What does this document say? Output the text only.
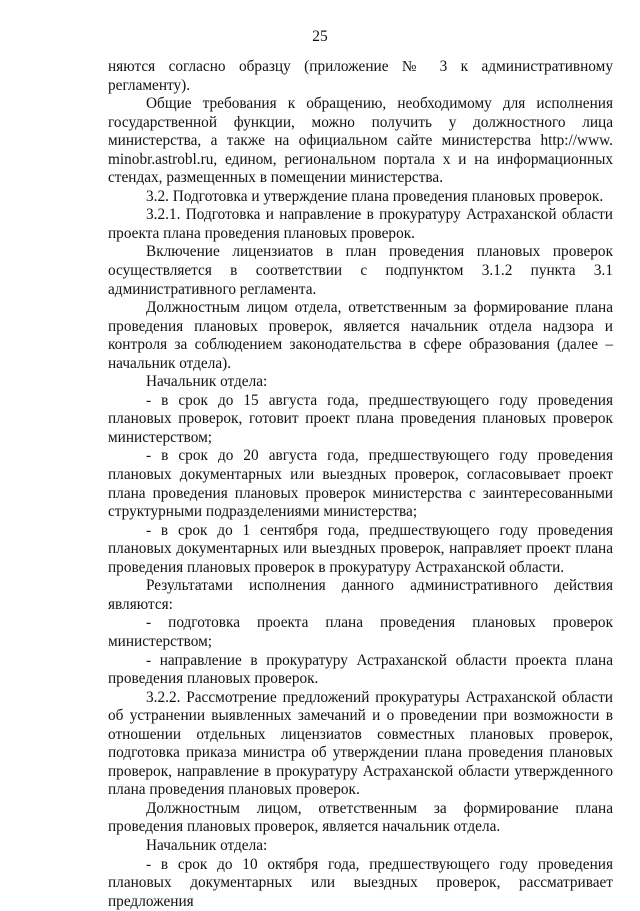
25

няются согласно образцу (приложение № 3 к административному регламенту).

Общие требования к обращению, необходимому для исполнения государственной функции, можно получить у должностного лица министерства, а также на официальном сайте министерства http://www. minobr.astrobl.ru, едином, региональном портала x и на информационных стендах, размещенных в помещении министерства.

3.2. Подготовка и утверждение плана проведения плановых проверок.

3.2.1. Подготовка и направление в прокуратуру Астраханской области проекта плана проведения плановых проверок.

Включение лицензиатов в план проведения плановых проверок осуществляется в соответствии с подпунктом 3.1.2 пункта 3.1 административного регламента.

Должностным лицом отдела, ответственным за формирование плана проведения плановых проверок, является начальник отдела надзора и контроля за соблюдением законодательства в сфере образования (далее – начальник отдела).

Начальник отдела:

- в срок до 15 августа года, предшествующего году проведения плановых проверок, готовит проект плана проведения плановых проверок министерством;

- в срок до 20 августа года, предшествующего году проведения плановых документарных или выездных проверок, согласовывает проект плана проведения плановых проверок министерства с заинтересованными структурными подразделениями министерства;

- в срок до 1 сентября года, предшествующего году проведения плановых документарных или выездных проверок, направляет проект плана проведения плановых проверок в прокуратуру Астраханской области.

Результатами исполнения данного административного действия являются:

- подготовка проекта плана проведения плановых проверок министерством;

- направление в прокуратуру Астраханской области проекта плана проведения плановых проверок.

3.2.2. Рассмотрение предложений прокуратуры Астраханской области об устранении выявленных замечаний и о проведении при возможности в отношении отдельных лицензиатов совместных плановых проверок, подготовка приказа министра об утверждении плана проведения плановых проверок, направление в прокуратуру Астраханской области утвержденного плана проведения плановых проверок.

Должностным лицом, ответственным за формирование плана проведения плановых проверок, является начальник отдела.

Начальник отдела:

- в срок до 10 октября года, предшествующего году проведения плановых документарных или выездных проверок, рассматривает предложения
